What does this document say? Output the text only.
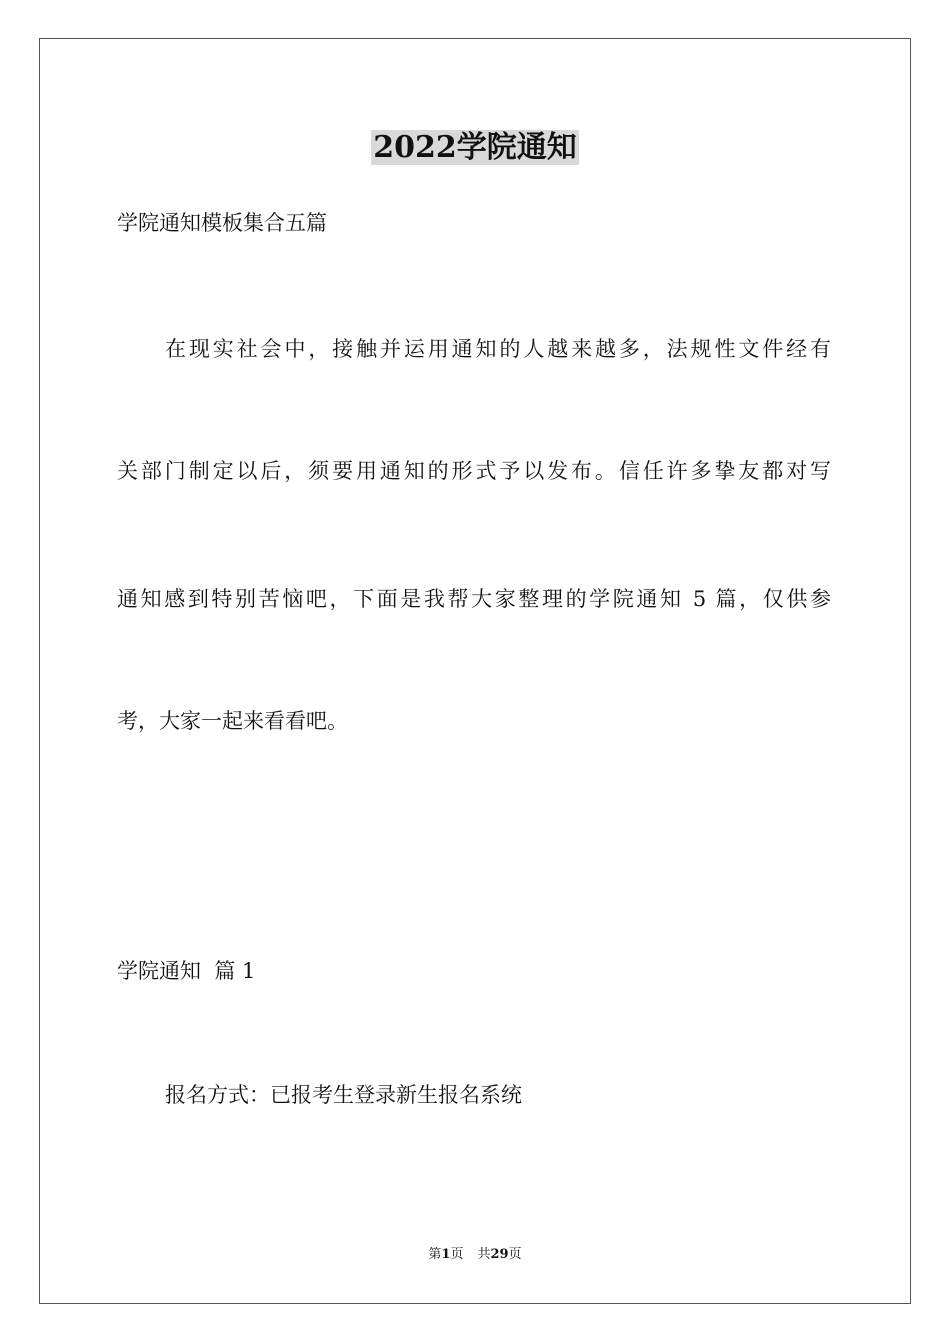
2022学院通知
学院通知模板集合五篇
在现实社会中，接触并运用通知的人越来越多，法规性文件经有
关部门制定以后，须要用通知的形式予以发布。信任许多挚友都对写
通知感到特别苦恼吧，下面是我帮大家整理的学院通知 5 篇，仅供参
考，大家一起来看看吧。
学院通知  篇 1
报名方式：已报考生登录新生报名系统
第1页 共29页
